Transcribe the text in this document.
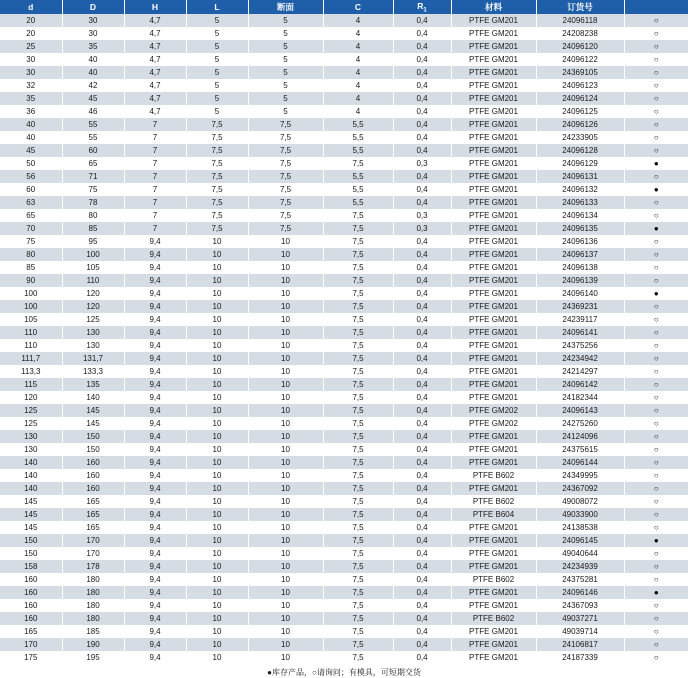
d	D	H	L	断面	C	$R_1$	材料	订货号	
20	30	4,7	5	5	4	0,4	PTFE GM201	24096118	○
20	30	4,7	5	5	4	0,4	PTFE GM201	24208238	○
25	35	4,7	5	5	4	0,4	PTFE GM201	24096120	○
30	40	4,7	5	5	4	0,4	PTFE GM201	24096122	○
30	40	4,7	5	5	4	0,4	PTFE GM201	24369105	○
32	42	4,7	5	5	4	0,4	PTFE GM201	24096123	○
35	45	4,7	5	5	4	0,4	PTFE GM201	24096124	○
36	46	4,7	5	5	4	0,4	PTFE GM201	24096125	○
40	55	7	7,5	7,5	5,5	0,4	PTFE GM201	24096126	○
40	55	7	7,5	7,5	5,5	0,4	PTFE GM201	24233905	○
45	60	7	7,5	7,5	5,5	0,4	PTFE GM201	24096128	○
50	65	7	7,5	7,5	7,5	0,3	PTFE GM201	24096129	●
56	71	7	7,5	7,5	5,5	0,4	PTFE GM201	24096131	○
60	75	7	7,5	7,5	5,5	0,4	PTFE GM201	24096132	●
63	78	7	7,5	7,5	5,5	0,4	PTFE GM201	24096133	○
65	80	7	7,5	7,5	7,5	0,3	PTFE GM201	24096134	○
70	85	7	7,5	7,5	7,5	0,3	PTFE GM201	24096135	●
75	95	9,4	10	10	7,5	0,4	PTFE GM201	24096136	○
80	100	9,4	10	10	7,5	0,4	PTFE GM201	24096137	○
85	105	9,4	10	10	7,5	0,4	PTFE GM201	24096138	○
90	110	9,4	10	10	7,5	0,4	PTFE GM201	24096139	○
100	120	9,4	10	10	7,5	0,4	PTFE GM201	24096140	●
100	120	9,4	10	10	7,5	0,4	PTFE GM201	24369231	○
105	125	9,4	10	10	7,5	0,4	PTFE GM201	24239117	○
110	130	9,4	10	10	7,5	0,4	PTFE GM201	24096141	○
110	130	9,4	10	10	7,5	0,4	PTFE GM201	24375256	○
111,7	131,7	9,4	10	10	7,5	0,4	PTFE GM201	24234942	○
113,3	133,3	9,4	10	10	7,5	0,4	PTFE GM201	24214297	○
115	135	9,4	10	10	7,5	0,4	PTFE GM201	24096142	○
120	140	9,4	10	10	7,5	0,4	PTFE GM201	24182344	○
125	145	9,4	10	10	7,5	0,4	PTFE GM202	24096143	○
125	145	9,4	10	10	7,5	0,4	PTFE GM202	24275260	○
130	150	9,4	10	10	7,5	0,4	PTFE GM201	24124096	○
130	150	9,4	10	10	7,5	0,4	PTFE GM201	24375615	○
140	160	9,4	10	10	7,5	0,4	PTFE GM201	24096144	○
140	160	9,4	10	10	7,5	0,4	PTFE B602	24349995	○
140	160	9,4	10	10	7,5	0,4	PTFE GM201	24367092	○
145	165	9,4	10	10	7,5	0,4	PTFE B602	49008072	○
145	165	9,4	10	10	7,5	0,4	PTFE B604	49033900	○
145	165	9,4	10	10	7,5	0,4	PTFE GM201	24138538	○
150	170	9,4	10	10	7,5	0,4	PTFE GM201	24096145	●
150	170	9,4	10	10	7,5	0,4	PTFE GM201	49040644	○
158	178	9,4	10	10	7,5	0,4	PTFE GM201	24234939	○
160	180	9,4	10	10	7,5	0,4	PTFE B602	24375281	○
160	180	9,4	10	10	7,5	0,4	PTFE GM201	24096146	●
160	180	9,4	10	10	7,5	0,4	PTFE GM201	24367093	○
160	180	9,4	10	10	7,5	0,4	PTFE B602	49037271	○
165	185	9,4	10	10	7,5	0,4	PTFE GM201	49039714	○
170	190	9,4	10	10	7,5	0,4	PTFE GM201	24106817	○
175	195	9,4	10	10	7,5	0,4	PTFE GM201	24187339	○
●库存产品，○请询问；有模具，可短期交货
